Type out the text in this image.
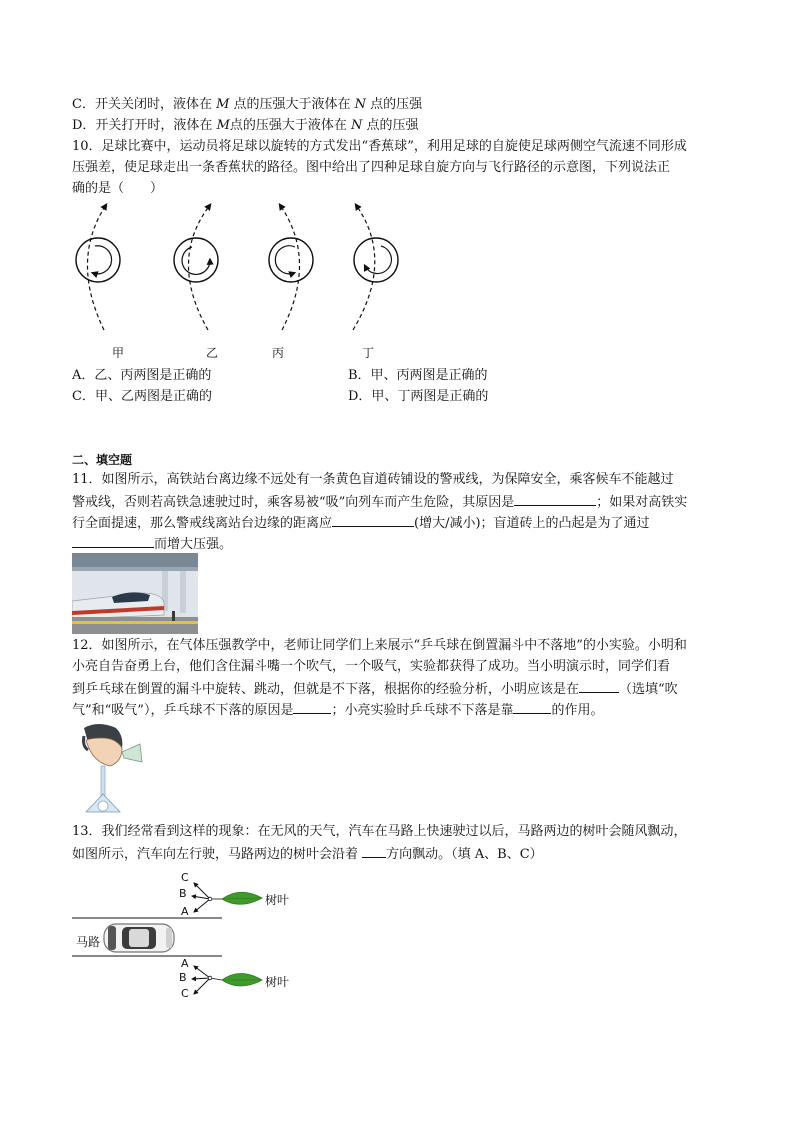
C．开关关闭时，液体在 M 点的压强大于液体在 N 点的压强
D．开关打开时，液体在 M点的压强大于液体在 N 点的压强
10．足球比赛中，运动员将足球以旋转的方式发出“香蕉球”，利用足球的自旋使足球两侧空气流速不同形成
压强差，使足球走出一条香蕉状的路径。图中给出了四种足球自旋方向与飞行路径的示意图，下列说法正
确的是（　　）
甲	乙	丙	丁
A．乙、丙两图是正确的	B．甲、丙两图是正确的
C．甲、乙两图是正确的	D．甲、丁两图是正确的
二、填空题
11．如图所示，高铁站台离边缘不远处有一条黄色盲道砖铺设的警戒线，为保障安全，乘客候车不能越过
警戒线，否则若高铁急速驶过时，乘客易被“吸”向列车而产生危险，其原因是	；如果对高铁实
行全面提速，那么警戒线离站台边缘的距离应	(增大/减小)；盲道砖上的凸起是为了通过
而增大压强。
12．如图所示，在气体压强教学中，老师让同学们上来展示“乒乓球在倒置漏斗中不落地”的小实验。小明和
小亮自告奋勇上台，他们含住漏斗嘴一个吹气，一个吸气，实验都获得了成功。当小明演示时，同学们看
到乒乓球在倒置的漏斗中旋转、跳动，但就是不下落，根据你的经验分析，小明应该是在	（选填“吹
气”和“吸气”），乒乓球不下落的原因是	；小亮实验时乒乓球不下落是靠	的作用。
13．我们经常看到这样的现象：在无风的天气，汽车在马路上快速驶过以后，马路两边的树叶会随风飘动，
如图所示，汽车向左行驶，马路两边的树叶会沿着 方向飘动。（填 A、B、C）
C
B
A
树叶
马路
A
B
C
树叶
